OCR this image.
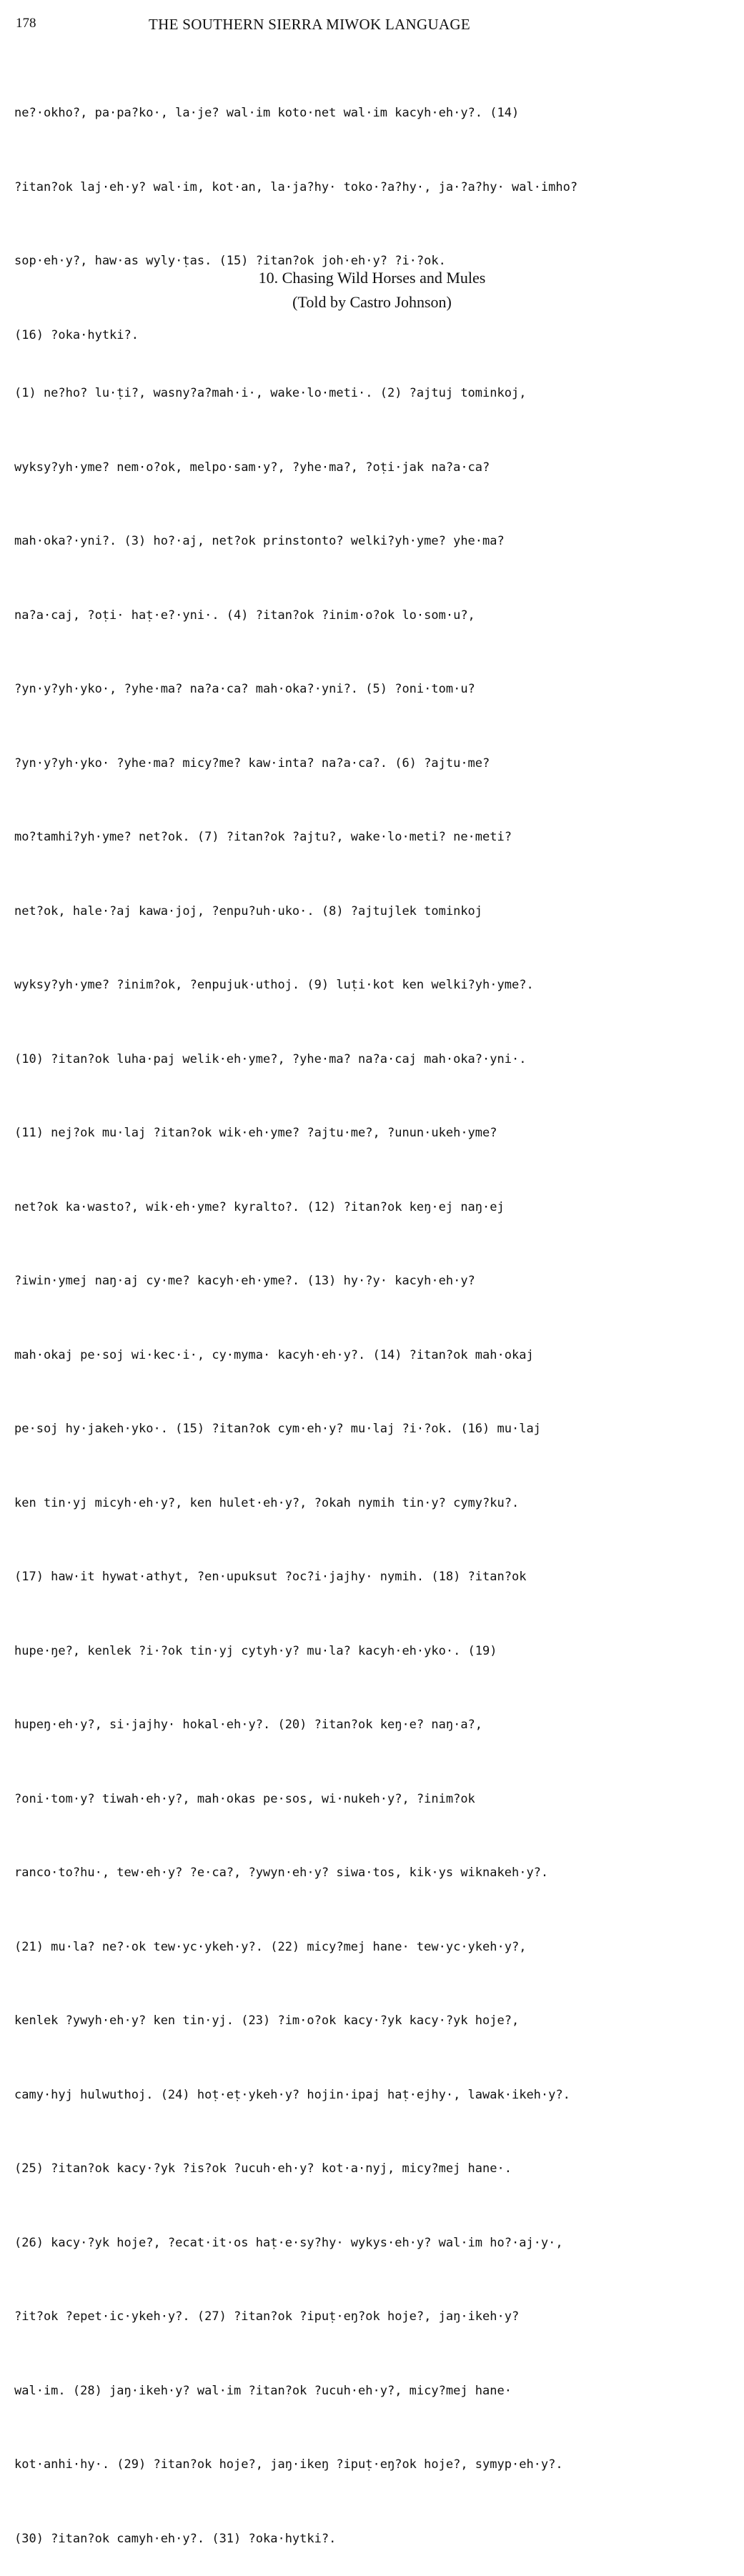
178	THE SOUTHERN SIERRA MIWOK LANGUAGE

ne?·okho?, pa·pa?ko·, la·je? wal·im koto·net wal·im kacyh·eh·y?. (14)

?itan?ok laj·eh·y? wal·im, kot·an, la·ja?hy· toko·?a?hy·, ja·?a?hy· wal·imho?

sop·eh·y?, haw·as wyly·ṭas. (15) ?itan?ok joh·eh·y? ?i·?ok.

(16) ?oka·hytki?.

10. Chasing Wild Horses and Mules
(Told by Castro Johnson)

(1) ne?ho? lu·ṭi?, wasny?a?mah·i·, wake·lo·meti·. (2) ?ajtuj tominkoj,

wyksy?yh·yme? nem·o?ok, melpo·sam·y?, ?yhe·ma?, ?oṭi·jak na?a·ca?

mah·oka?·yni?. (3) ho?·aj, net?ok prinstonto? welki?yh·yme? yhe·ma?

na?a·caj, ?oṭi· haṭ·e?·yni·. (4) ?itan?ok ?inim·o?ok lo·som·u?,

?yn·y?yh·yko·, ?yhe·ma? na?a·ca? mah·oka?·yni?. (5) ?oni·tom·u?

?yn·y?yh·yko· ?yhe·ma? micy?me? kaw·inta? na?a·ca?. (6) ?ajtu·me?

mo?tamhi?yh·yme? net?ok. (7) ?itan?ok ?ajtu?, wake·lo·meti? ne·meti?

net?ok, hale·?aj kawa·joj, ?enpu?uh·uko·. (8) ?ajtujlek tominkoj

wyksy?yh·yme? ?inim?ok, ?enpujuk·uthoj. (9) luṭi·kot ken welki?yh·yme?.

(10) ?itan?ok luha·paj welik·eh·yme?, ?yhe·ma? na?a·caj mah·oka?·yni·.

(11) nej?ok mu·laj ?itan?ok wik·eh·yme? ?ajtu·me?, ?unun·ukeh·yme?

net?ok ka·wasto?, wik·eh·yme? kyralto?. (12) ?itan?ok keŋ·ej naŋ·ej

?iwin·ymej naŋ·aj cy·me? kacyh·eh·yme?. (13) hy·?y· kacyh·eh·y?

mah·okaj pe·soj wi·kec·i·, cy·myma· kacyh·eh·y?. (14) ?itan?ok mah·okaj

pe·soj hy·jakeh·yko·. (15) ?itan?ok cym·eh·y? mu·laj ?i·?ok. (16) mu·laj

ken tin·yj micyh·eh·y?, ken hulet·eh·y?, ?okah nymih tin·y? cymy?ku?.

(17) haw·it hywat·athyt, ?en·upuksut ?oc?i·jajhy· nymih. (18) ?itan?ok

hupe·ŋe?, kenlek ?i·?ok tin·yj cytyh·y? mu·la? kacyh·eh·yko·. (19)

hupeŋ·eh·y?, si·jajhy· hokal·eh·y?. (20) ?itan?ok keŋ·e? naŋ·a?,

?oni·tom·y? tiwah·eh·y?, mah·okas pe·sos, wi·nukeh·y?, ?inim?ok

ranco·to?hu·, tew·eh·y? ?e·ca?, ?ywyn·eh·y? siwa·tos, kik·ys wiknakeh·y?.

(21) mu·la? ne?·ok tew·yc·ykeh·y?. (22) micy?mej hane· tew·yc·ykeh·y?,

kenlek ?ywyh·eh·y? ken tin·yj. (23) ?im·o?ok kacy·?yk kacy·?yk hoje?,

camy·hyj hulwuthoj. (24) hoṭ·eṭ·ykeh·y? hojin·ipaj haṭ·ejhy·, lawak·ikeh·y?.

(25) ?itan?ok kacy·?yk ?is?ok ?ucuh·eh·y? kot·a·nyj, micy?mej hane·.

(26) kacy·?yk hoje?, ?ecat·it·os haṭ·e·sy?hy· wykys·eh·y? wal·im ho?·aj·y·,

?it?ok ?epet·ic·ykeh·y?. (27) ?itan?ok ?ipuṭ·eŋ?ok hoje?, jaŋ·ikeh·y?

wal·im. (28) jaŋ·ikeh·y? wal·im ?itan?ok ?ucuh·eh·y?, micy?mej hane·

kot·anhi·hy·. (29) ?itan?ok hoje?, jaŋ·ikeŋ ?ipuṭ·eŋ?ok hoje?, symyp·eh·y?.

(30) ?itan?ok camyh·eh·y?. (31) ?oka·hytki?.
